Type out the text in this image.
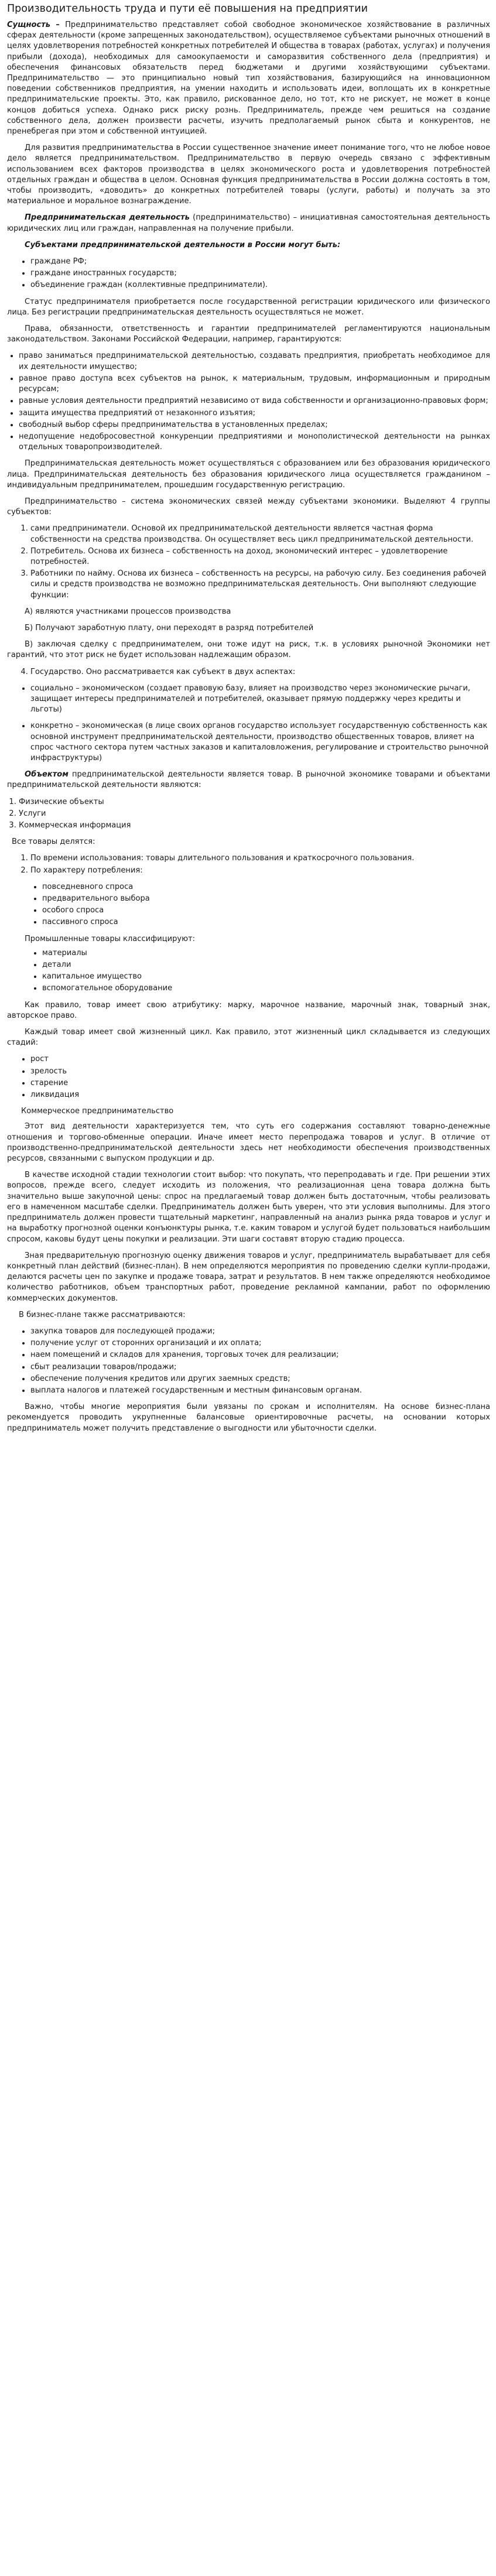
Производительность труда и пути её повышения на предприятии
Сущность – Предпринимательство представляет собой свободное экономическое хозяйствование в различных сферах деятельности (кроме запрещенных законодательством), осуществляемое субъектами рыночных отношений в целях удовлетворения потребностей конкретных потребителей И общества в товарах (работах, услугах) и получения прибыли (дохода), необходимых для самоокупаемости и саморазвития собственного дела (предприятия) и обеспечения финансовых обязательств перед бюджетами и другими хозяйствующими субъектами. Предпринимательство — это принципиально новый тип хозяйствования, базирующийся на инновационном поведении собственников предприятия, на умении находить и использовать идеи, воплощать их в конкретные предпринимательские проекты. Это, как правило, рискованное дело, но тот, кто не рискует, не может в конце концов добиться успеха. Однако риск риску рознь. Предприниматель, прежде чем решиться на создание собственного дела, должен произвести расчеты, изучить предполагаемый рынок сбыта и конкурентов, не пренебрегая при этом и собственной интуицией.
Для развития предпринимательства в России существенное значение имеет понимание того, что не любое новое дело является предпринимательством. Предпринимательство в первую очередь связано с эффективным использованием всех факторов производства в целях экономического роста и удовлетворения потребностей отдельных граждан и общества в целом. Основная функция предпринимательства в России должна состоять в том, чтобы производить, «доводить» до конкретных потребителей товары (услуги, работы) и получать за это материальное и моральное вознаграждение.
Предпринимательская деятельность (предпринимательство) – инициативная самостоятельная деятельность юридических лиц или граждан, направленная на получение прибыли.
Субъектами предпринимательской деятельности в России могут быть:
• граждане РФ;
• граждане иностранных государств;
• объединение граждан (коллективные предприниматели).
Статус предпринимателя приобретается после государственной регистрации юридического или физического лица. Без регистрации предпринимательская деятельность осуществляться не может.
Права, обязанности, ответственность и гарантии предпринимателей регламентируются национальным законодательством. Законами Российской Федерации, например, гарантируются:
• право заниматься предпринимательской деятельностью, создавать предприятия, приобретать необходимое для их деятельности имущество;
• равное право доступа всех субъектов на рынок, к материальным, трудовым, информационным и природным ресурсам;
• равные условия деятельности предприятий независимо от вида собственности и организационно-правовых форм;
• защита имущества предприятий от незаконного изъятия;
• свободный выбор сферы предпринимательства в установленных пределах;
• недопущение недобросовестной конкуренции предприятиями и монополистической деятельности на рынках отдельных товаропроизводителей.
Предпринимательская деятельность может осуществляться с образованием или без образования юридического лица. Предпринимательская деятельность без образования юридического лица осуществляется гражданином – индивидуальным предпринимателем, прошедшим государственную регистрацию.
Предпринимательство – система экономических связей между субъектами экономики. Выделяют 4 группы субъектов:
1. сами предприниматели. Основой их предпринимательской деятельности является частная форма собственности на средства производства. Он осуществляет весь цикл предпринимательской деятельности.
2. Потребитель. Основа их бизнеса – собственность на доход, экономический интерес – удовлетворение потребностей.
3. Работники по найму. Основа их бизнеса – собственность на ресурсы, на рабочую силу. Без соединения рабочей силы и средств производства не возможно предпринимательская деятельность. Они выполняют следующие функции:
А) являются участниками процессов производства
Б) Получают заработную плату, они переходят в разряд потребителей
В) заключая сделку с предпринимателем, они тоже идут на риск, т.к. в условиях рыночной Экономики нет гарантий, что этот риск не будет использован надлежащим образом.
4. Государство. Оно рассматривается как субъект в двух аспектах:
• социально – экономическом (создает правовую базу, влияет на производство через экономические рычаги, защищает интересы предпринимателей и потребителей, оказывает прямую поддержку через кредиты и льготы)
• конкретно – экономическая (в лице своих органов государство использует государственную собственность как основной инструмент предпринимательской деятельности, производство общественных товаров, влияет на спрос частного сектора путем частных заказов и капиталовложения, регулирование и строительство рыночной инфраструктуры)
Объектом предпринимательской деятельности является товар. В рыночной экономике товарами и объектами предпринимательской деятельности являются:
1. Физические объекты
2. Услуги
3. Коммерческая информация
Все товары делятся:
1. По времени использования: товары длительного пользования и краткосрочного пользования.
2. По характеру потребления:
• повседневного спроса
• предварительного выбора
• особого спроса
• пассивного спроса
Промышленные товары классифицируют:
• материалы
• детали
• капитальное имущество
• вспомогательное оборудование
Как правило, товар имеет свою атрибутику: марку, марочное название, марочный знак, товарный знак, авторское право.
Каждый товар имеет свой жизненный цикл. Как правило, этот жизненный цикл складывается из следующих стадий:
• рост
• зрелость
• старение
• ликвидация
Коммерческое предпринимательство
Этот вид деятельности характеризуется тем, что суть его содержания составляют товарно-денежные отношения и торгово-обменные операции. Иначе имеет место перепродажа товаров и услуг. В отличие от производственно-предпринимательской деятельности здесь нет необходимости обеспечения производственных ресурсов, связанными с выпуском продукции и др.
В качестве исходной стадии технологии стоит выбор: что покупать, что перепродавать и где. При решении этих вопросов, прежде всего, следует исходить из положения, что реализационная цена товара должна быть значительно выше закупочной цены: спрос на предлагаемый товар должен быть достаточным, чтобы реализовать его в намеченном масштабе сделки. Предприниматель должен быть уверен, что эти условия выполнимы. Для этого предприниматель должен провести тщательный маркетинг, направленный на анализ рынка ряда товаров и услуг и на выработку прогнозной оценки конъюнктуры рынка, т.е. каким товаром и услугой будет пользоваться наибольшим спросом, каковы будут цены покупки и реализации. Эти шаги составят вторую стадию процесса.
Зная предварительную прогнозную оценку движения товаров и услуг, предприниматель вырабатывает для себя конкретный план действий (бизнес-план). В нем определяются мероприятия по проведению сделки купли-продажи, делаются расчеты цен по закупке и продаже товара, затрат и результатов. В нем также определяются необходимое количество работников, объем транспортных работ, проведение рекламной кампании, работ по оформлению коммерческих документов.
В бизнес-плане также рассматриваются:
• закупка товаров для последующей продажи;
• получение услуг от сторонних организаций и их оплата;
• наем помещений и складов для хранения, торговых точек для реализации;
• сбыт реализации товаров/продажи;
• обеспечение получения кредитов или других заемных средств;
• выплата налогов и платежей государственным и местным финансовым органам.
Важно, чтобы многие мероприятия были увязаны по срокам и исполнителям. На основе бизнес-плана рекомендуется проводить укрупненные балансовые ориентировочные расчеты, на основании которых предприниматель может получить представление о выгодности или убыточности сделки.
